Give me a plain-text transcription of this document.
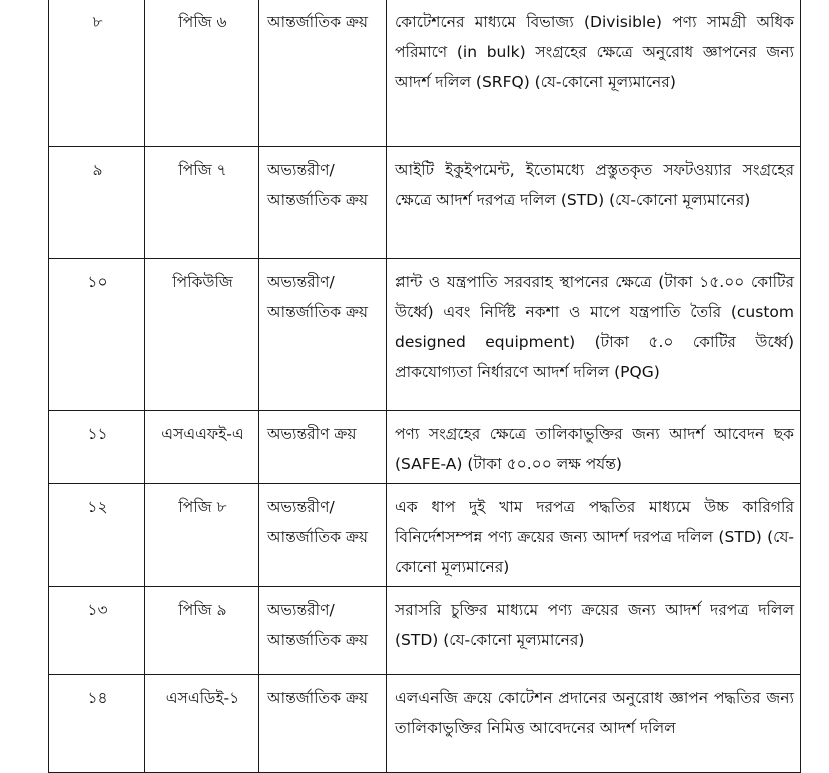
৮	পিজি ৬	আন্তর্জাতিক ক্রয়	কোটেশনের মাধ্যমে বিভাজ্য (Divisible) পণ্য সামগ্রী অধিক পরিমাণে (in bulk) সংগ্রহের ক্ষেত্রে অনুরোধ জ্ঞাপনের জন্য আদর্শ দলিল (SRFQ) (যে-কোনো মূল্যমানের)
৯	পিজি ৭	অভ্যন্তরীণ/ আন্তর্জাতিক ক্রয়	আইটি ইকুইপমেন্ট, ইতোমধ্যে প্রস্তুতকৃত সফটওয়্যার সংগ্রহের ক্ষেত্রে আদর্শ দরপত্র দলিল (STD) (যে-কোনো মূল্যমানের)
১০	পিকিউজি	অভ্যন্তরীণ/ আন্তর্জাতিক ক্রয়	প্লান্ট ও যন্ত্রপাতি সরবরাহ স্থাপনের ক্ষেত্রে (টাকা ১৫.০০ কোটির উর্ধ্বে) এবং নির্দিষ্ট নকশা ও মাপে যন্ত্রপাতি তৈরি (custom designed equipment) (টাকা ৫.০ কোটির উর্ধ্বে) প্রাকযোগ্যতা নির্ধারণে আদর্শ দলিল (PQG)
১১	এসএএফই-এ	অভ্যন্তরীণ ক্রয়	পণ্য সংগ্রহের ক্ষেত্রে তালিকাভুক্তির জন্য আদর্শ আবেদন ছক (SAFE-A) (টাকা ৫০.০০ লক্ষ পর্যন্ত)
১২	পিজি ৮	অভ্যন্তরীণ/ আন্তর্জাতিক ক্রয়	এক ধাপ দুই খাম দরপত্র পদ্ধতির মাধ্যমে উচ্চ কারিগরি বিনির্দেশসম্পন্ন পণ্য ক্রয়ের জন্য আদর্শ দরপত্র দলিল (STD) (যে-কোনো মূল্যমানের)
১৩	পিজি ৯	অভ্যন্তরীণ/ আন্তর্জাতিক ক্রয়	সরাসরি চুক্তির মাধ্যমে পণ্য ক্রয়ের জন্য আদর্শ দরপত্র দলিল (STD) (যে-কোনো মূল্যমানের)
১৪	এসএডিই-১	আন্তর্জাতিক ক্রয়	এলএনজি ক্রয়ে কোটেশন প্রদানের অনুরোধ জ্ঞাপন পদ্ধতির জন্য তালিকাভুক্তির নিমিত্ত আবেদনের আদর্শ দলিল
